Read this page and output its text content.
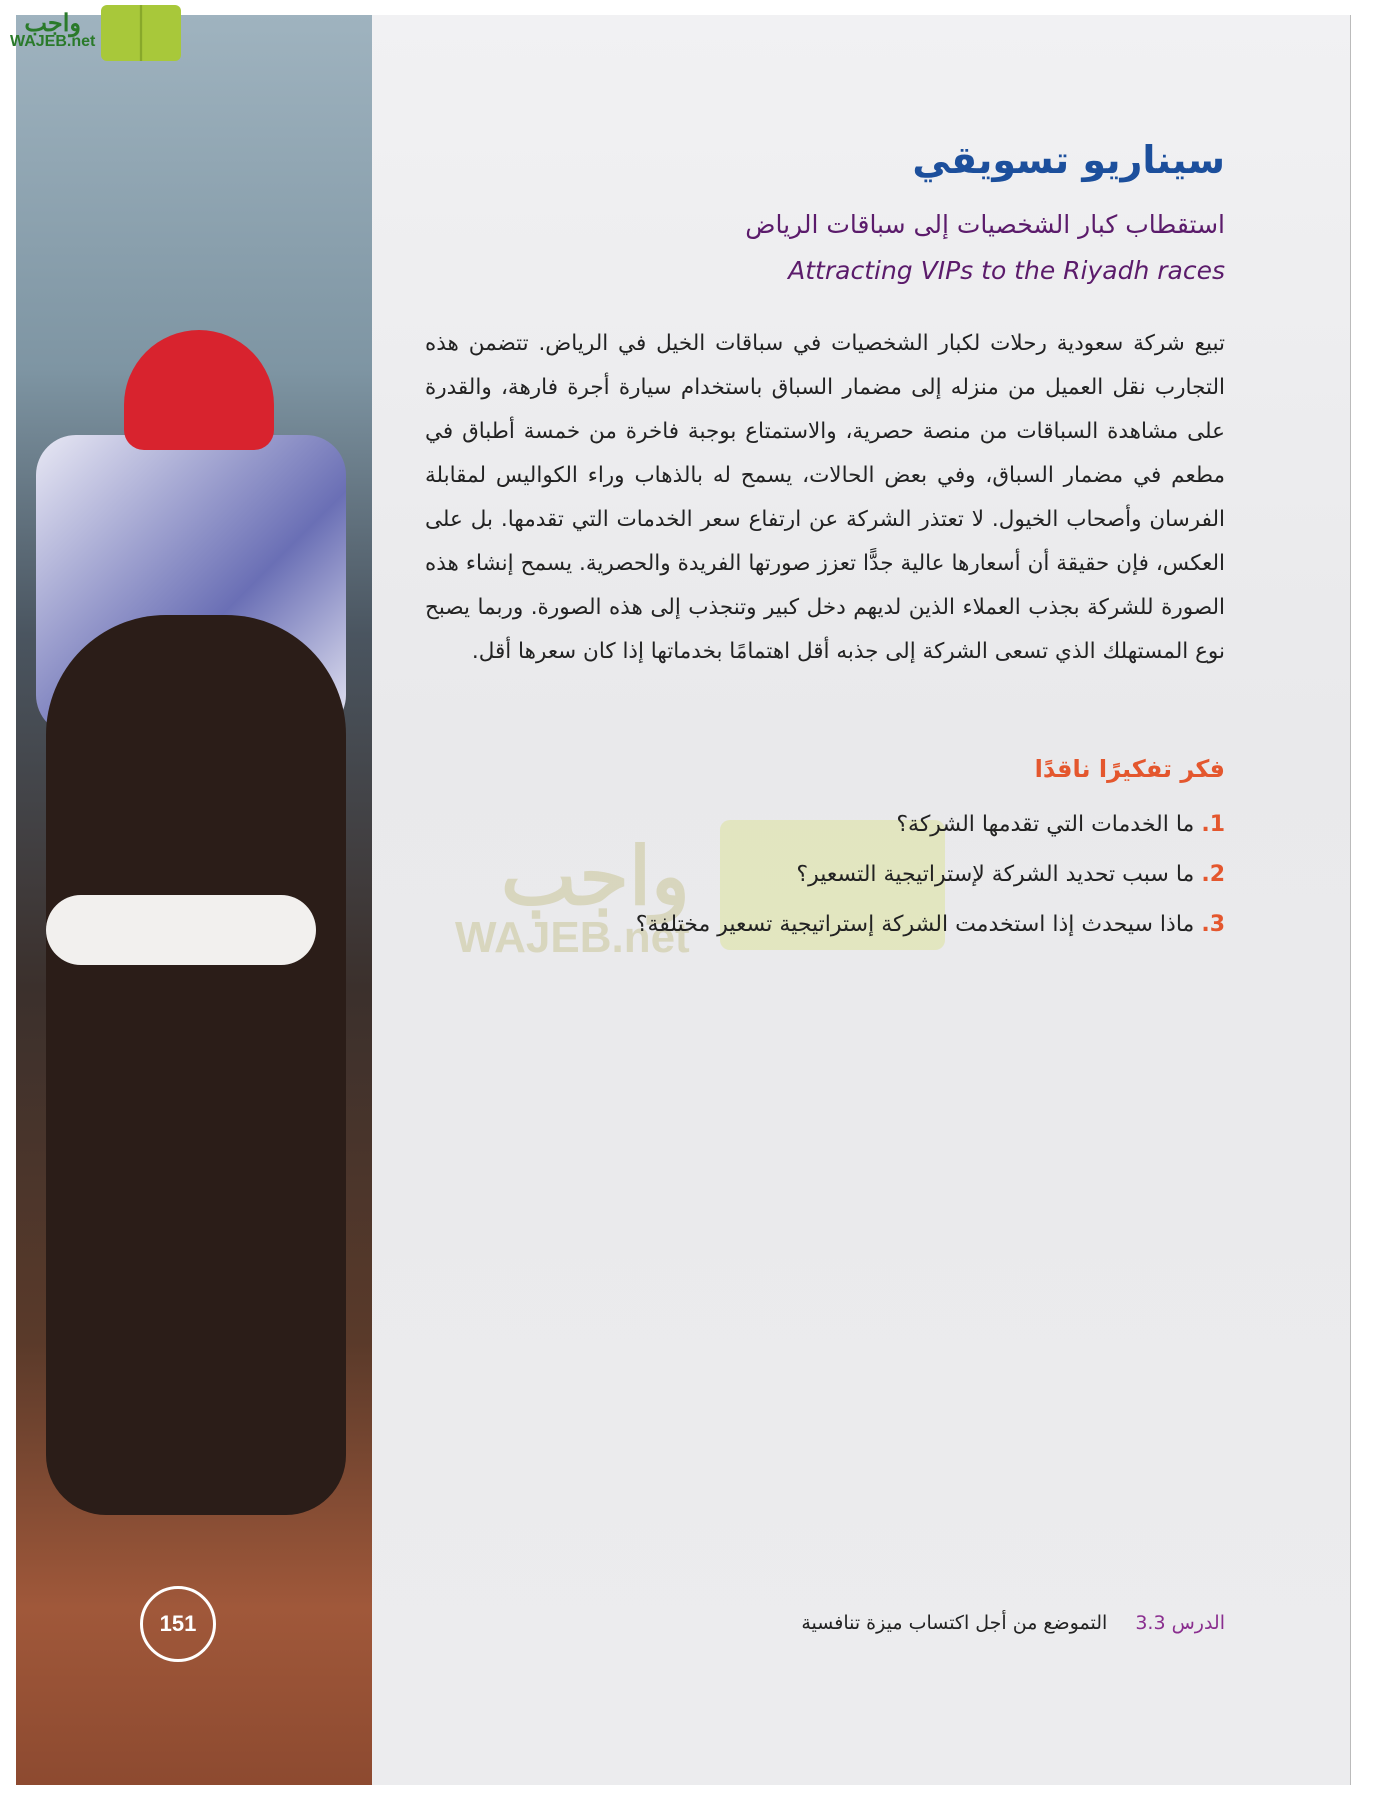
واجب
WAJEB.net
واجب
WAJEB.net
سيناريو تسويقي
استقطاب كبار الشخصيات إلى سباقات الرياض
Attracting VIPs to the Riyadh races

تبيع شركة سعودية رحلات لكبار الشخصيات في سباقات الخيل في الرياض. تتضمن هذه التجارب نقل العميل من منزله إلى مضمار السباق باستخدام سيارة أجرة فارهة، والقدرة على مشاهدة السباقات من منصة حصرية، والاستمتاع بوجبة فاخرة من خمسة أطباق في مطعم في مضمار السباق، وفي بعض الحالات، يسمح له بالذهاب وراء الكواليس لمقابلة الفرسان وأصحاب الخيول. لا تعتذر الشركة عن ارتفاع سعر الخدمات التي تقدمها. بل على العكس، فإن حقيقة أن أسعارها عالية جدًّا تعزز صورتها الفريدة والحصرية. يسمح إنشاء هذه الصورة للشركة بجذب العملاء الذين لديهم دخل كبير وتنجذب إلى هذه الصورة. وربما يصبح نوع المستهلك الذي تسعى الشركة إلى جذبه أقل اهتمامًا بخدماتها إذا كان سعرها أقل.

فكر تفكيرًا ناقدًا
1. ما الخدمات التي تقدمها الشركة؟
2. ما سبب تحديد الشركة لإستراتيجية التسعير؟
3. ماذا سيحدث إذا استخدمت الشركة إستراتيجية تسعير مختلفة؟
الدرس 3.3 التموضع من أجل اكتساب ميزة تنافسية
151
